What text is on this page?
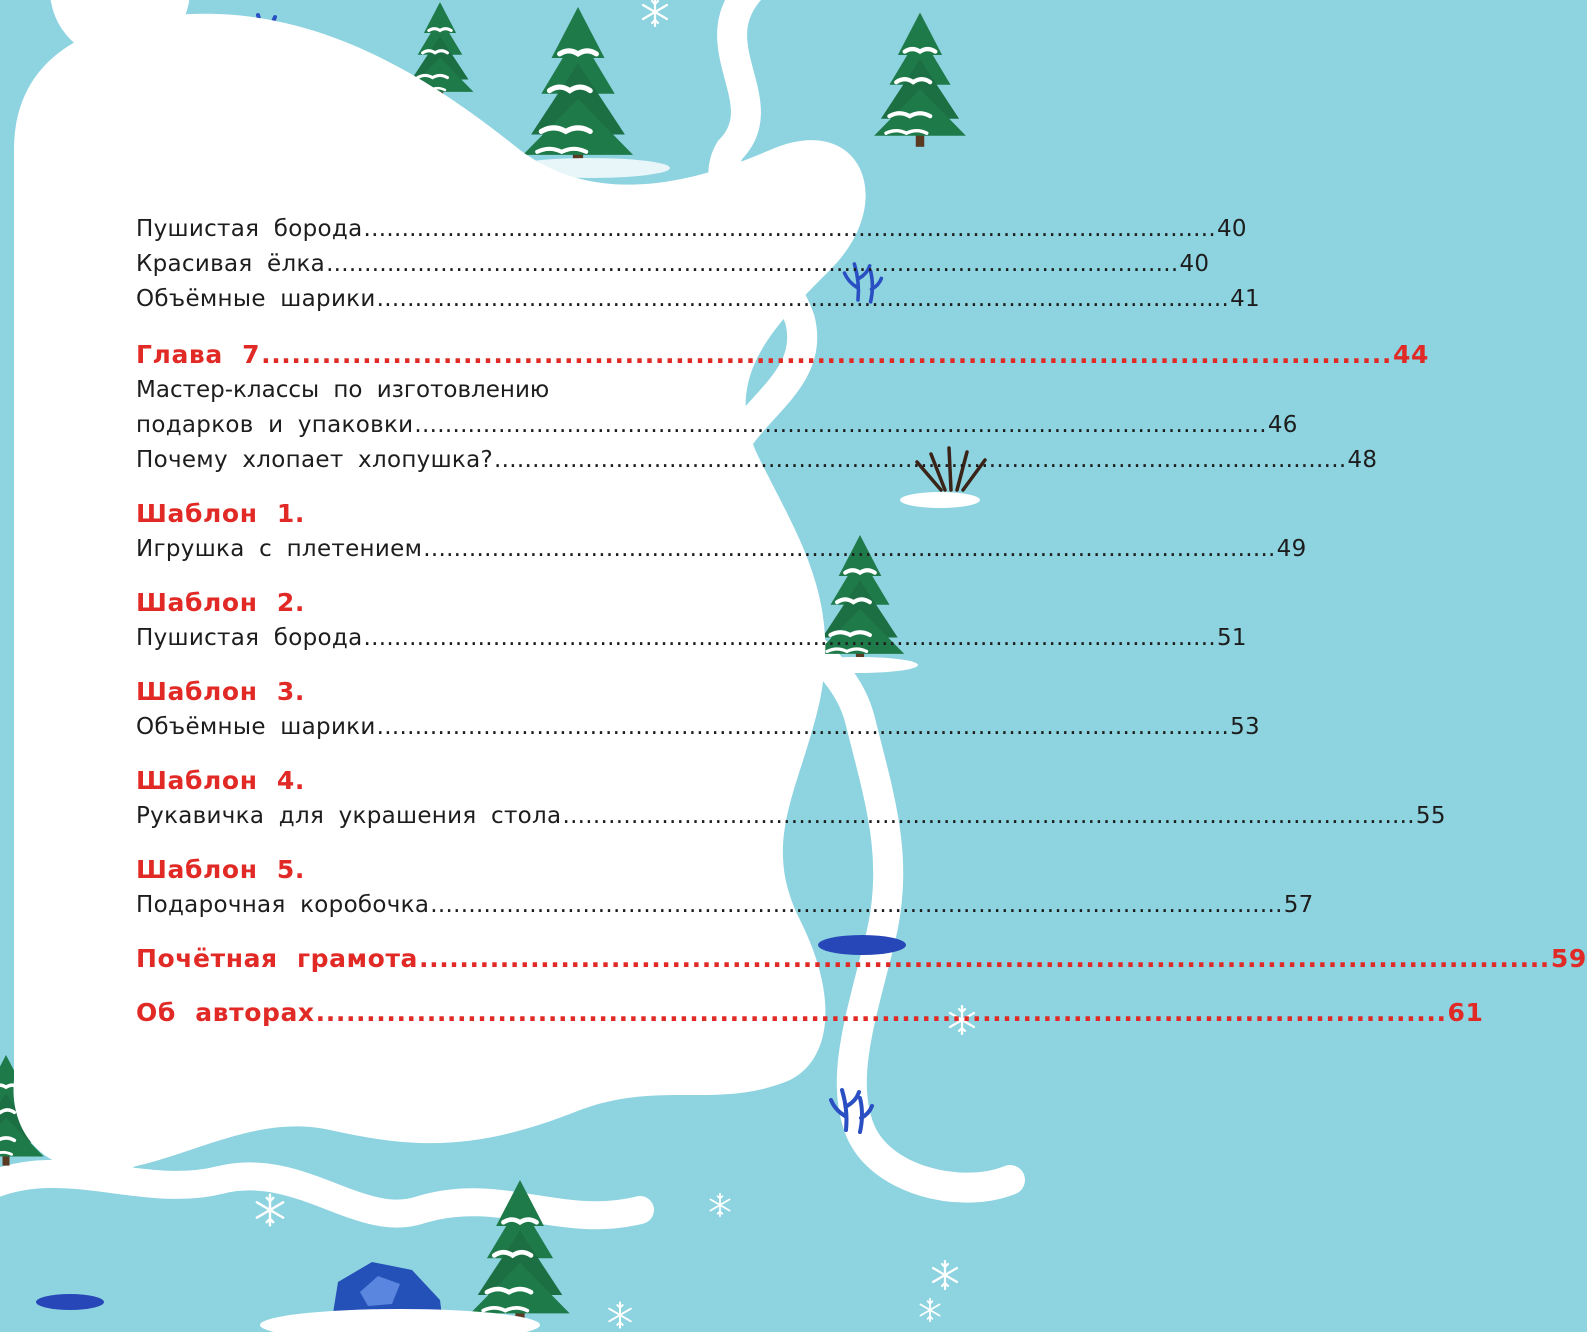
Пушистая борода ................................................................................................................ 40
Красивая ёлка ................................................................................................................ 40
Объёмные шарики ................................................................................................................ 41
Глава 7 ................................................................................................................ 44
Мастер-классы по изготовлению
подарков и упаковки ................................................................................................................ 46
Почему хлопает хлопушка? ................................................................................................................ 48
Шаблон 1.
Игрушка с плетением ................................................................................................................ 49
Шаблон 2.
Пушистая борода ................................................................................................................ 51
Шаблон 3.
Объёмные шарики ................................................................................................................ 53
Шаблон 4.
Рукавичка для украшения стола ................................................................................................................ 55
Шаблон 5.
Подарочная коробочка ................................................................................................................ 57
Почётная грамота ................................................................................................................ 59
Об авторах ................................................................................................................ 61
